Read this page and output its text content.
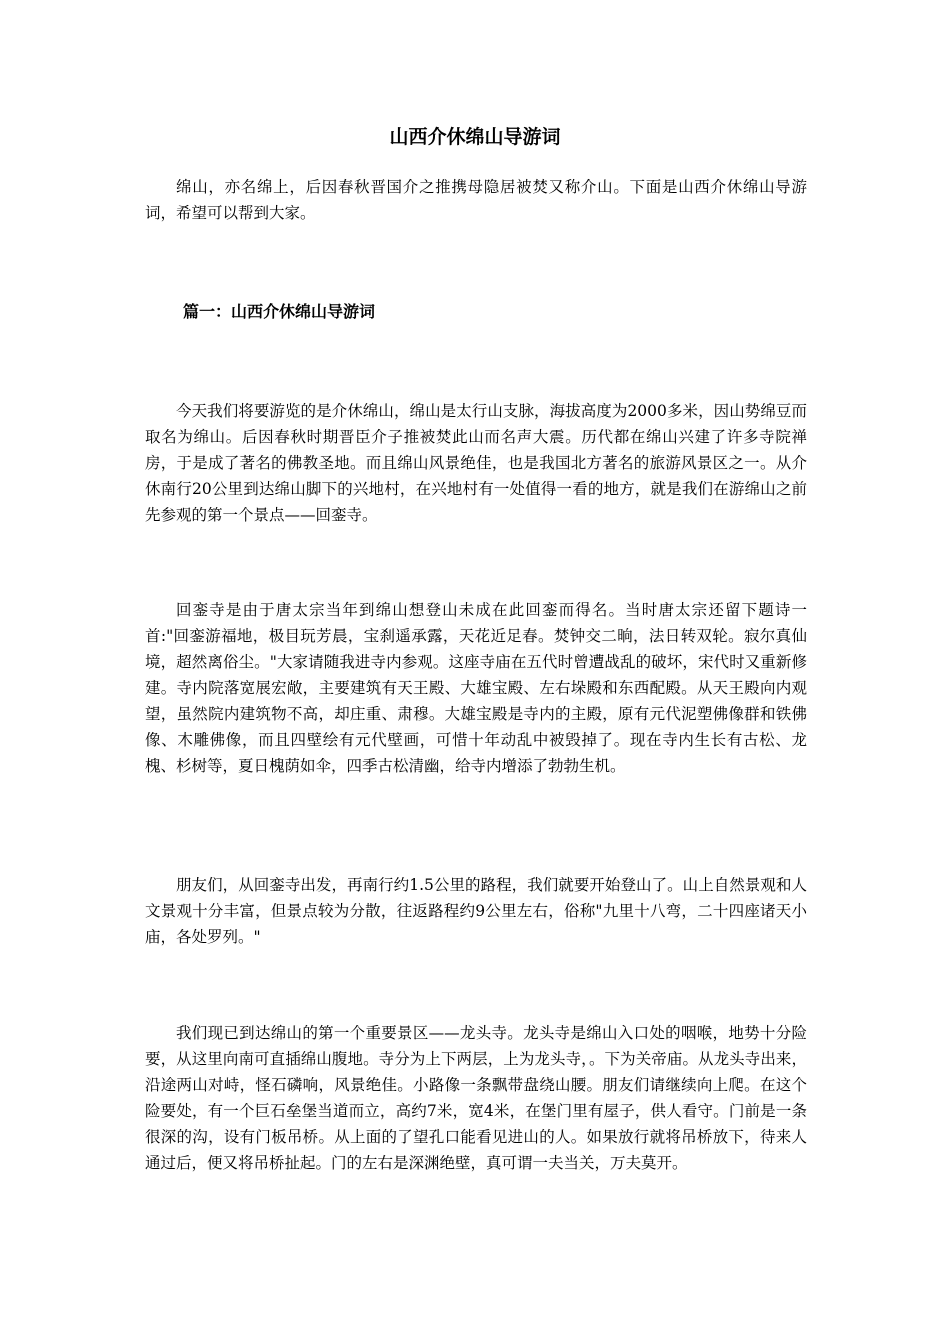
山西介休绵山导游词

绵山，亦名绵上，后因春秋晋国介之推携母隐居被焚又称介山。下面是山西介休绵山导游词，希望可以帮到大家。

篇一：山西介休绵山导游词

今天我们将要游览的是介休绵山，绵山是太行山支脉，海拔高度为2000多米，因山势绵豆而取名为绵山。后因春秋时期晋臣介子推被焚此山而名声大震。历代都在绵山兴建了许多寺院禅房，于是成了著名的佛教圣地。而且绵山风景绝佳，也是我国北方著名的旅游风景区之一。从介休南行20公里到达绵山脚下的兴地村，在兴地村有一处值得一看的地方，就是我们在游绵山之前先参观的第一个景点——回銮寺。

回銮寺是由于唐太宗当年到绵山想登山未成在此回銮而得名。当时唐太宗还留下题诗一首:"回銮游福地，极目玩芳晨，宝刹遥承露，天花近足春。焚钟交二晌，法日转双轮。寂尔真仙境，超然离俗尘。"大家请随我进寺内参观。这座寺庙在五代时曾遭战乱的破坏，宋代时又重新修建。寺内院落宽展宏敞，主要建筑有天王殿、大雄宝殿、左右垛殿和东西配殿。从天王殿向内观望，虽然院内建筑物不高，却庄重、肃穆。大雄宝殿是寺内的主殿，原有元代泥塑佛像群和铁佛像、木雕佛像，而且四壁绘有元代壁画，可惜十年动乱中被毁掉了。现在寺内生长有古松、龙槐、杉树等，夏日槐荫如伞，四季古松清幽，给寺内增添了勃勃生机。

朋友们，从回銮寺出发，再南行约1.5公里的路程，我们就要开始登山了。山上自然景观和人文景观十分丰富，但景点较为分散，往返路程约9公里左右，俗称"九里十八弯，二十四座诸天小庙，各处罗列。"

我们现已到达绵山的第一个重要景区——龙头寺。龙头寺是绵山入口处的咽喉，地势十分险要，从这里向南可直插绵山腹地。寺分为上下两层，上为龙头寺，。下为关帝庙。从龙头寺出来，沿途两山对峙，怪石磷响，风景绝佳。小路像一条飘带盘绕山腰。朋友们请继续向上爬。在这个险要处，有一个巨石垒堡当道而立，高约7米，宽4米，在堡门里有屋子，供人看守。门前是一条很深的沟，设有门板吊桥。从上面的了望孔口能看见进山的人。如果放行就将吊桥放下，待来人通过后，便又将吊桥扯起。门的左右是深渊绝壁，真可谓一夫当关，万夫莫开。
